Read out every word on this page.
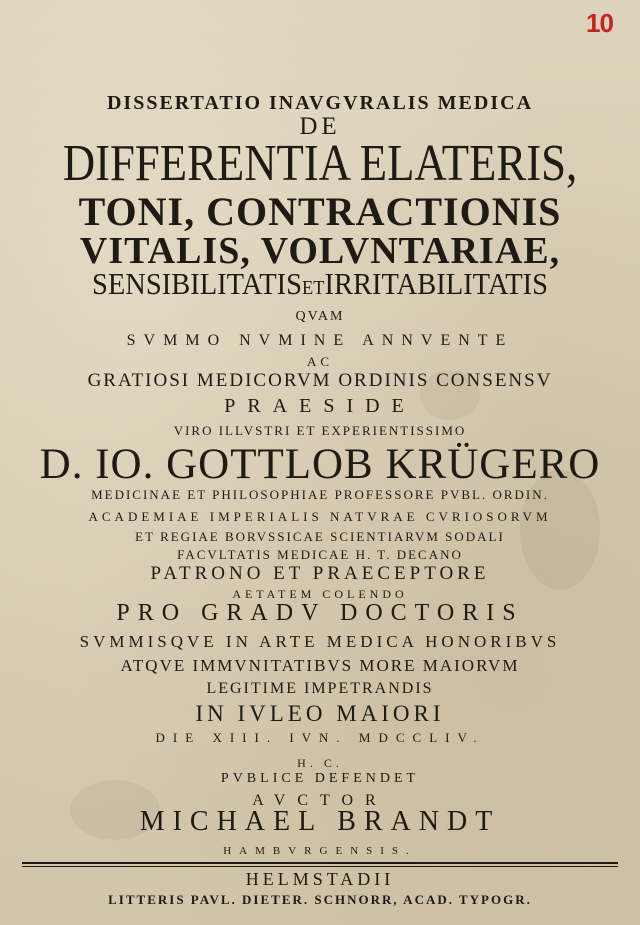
10
DISSERTATIO INAVGVRALIS MEDICA
DE
DIFFERENTIA ELATERIS,
TONI, CONTRACTIONIS
VITALIS, VOLVNTARIAE,
SENSIBILITATISETIRRITABILITATIS
QVAM
SVMMO NVMINE ANNVENTE
AC
GRATIOSI MEDICORVM ORDINIS CONSENSV
PRAESIDE
VIRO ILLVSTRI ET EXPERIENTISSIMO
D. IO. GOTTLOB KRÜGERO
MEDICINAE ET PHILOSOPHIAE PROFESSORE PVBL. ORDIN.
ACADEMIAE IMPERIALIS NATVRAE CVRIOSORVM
ET REGIAE BORVSSICAE SCIENTIARVM SODALI
FACVLTATIS MEDICAE H. T. DECANO
PATRONO ET PRAECEPTORE
AETATEM COLENDO
PRO GRADV DOCTORIS
SVMMISQVE IN ARTE MEDICA HONORIBVS
ATQVE IMMVNITATIBVS MORE MAIORVM
LEGITIME IMPETRANDIS
IN IVLEO MAIORI
DIE XIII. IVN. MDCCLIV.
H. C.
PVBLICE DEFENDET
AVCTOR
MICHAEL BRANDT
HAMBVRGENSIS.
HELMSTADII
LITTERIS PAVL. DIETER. SCHNORR, ACAD. TYPOGR.
